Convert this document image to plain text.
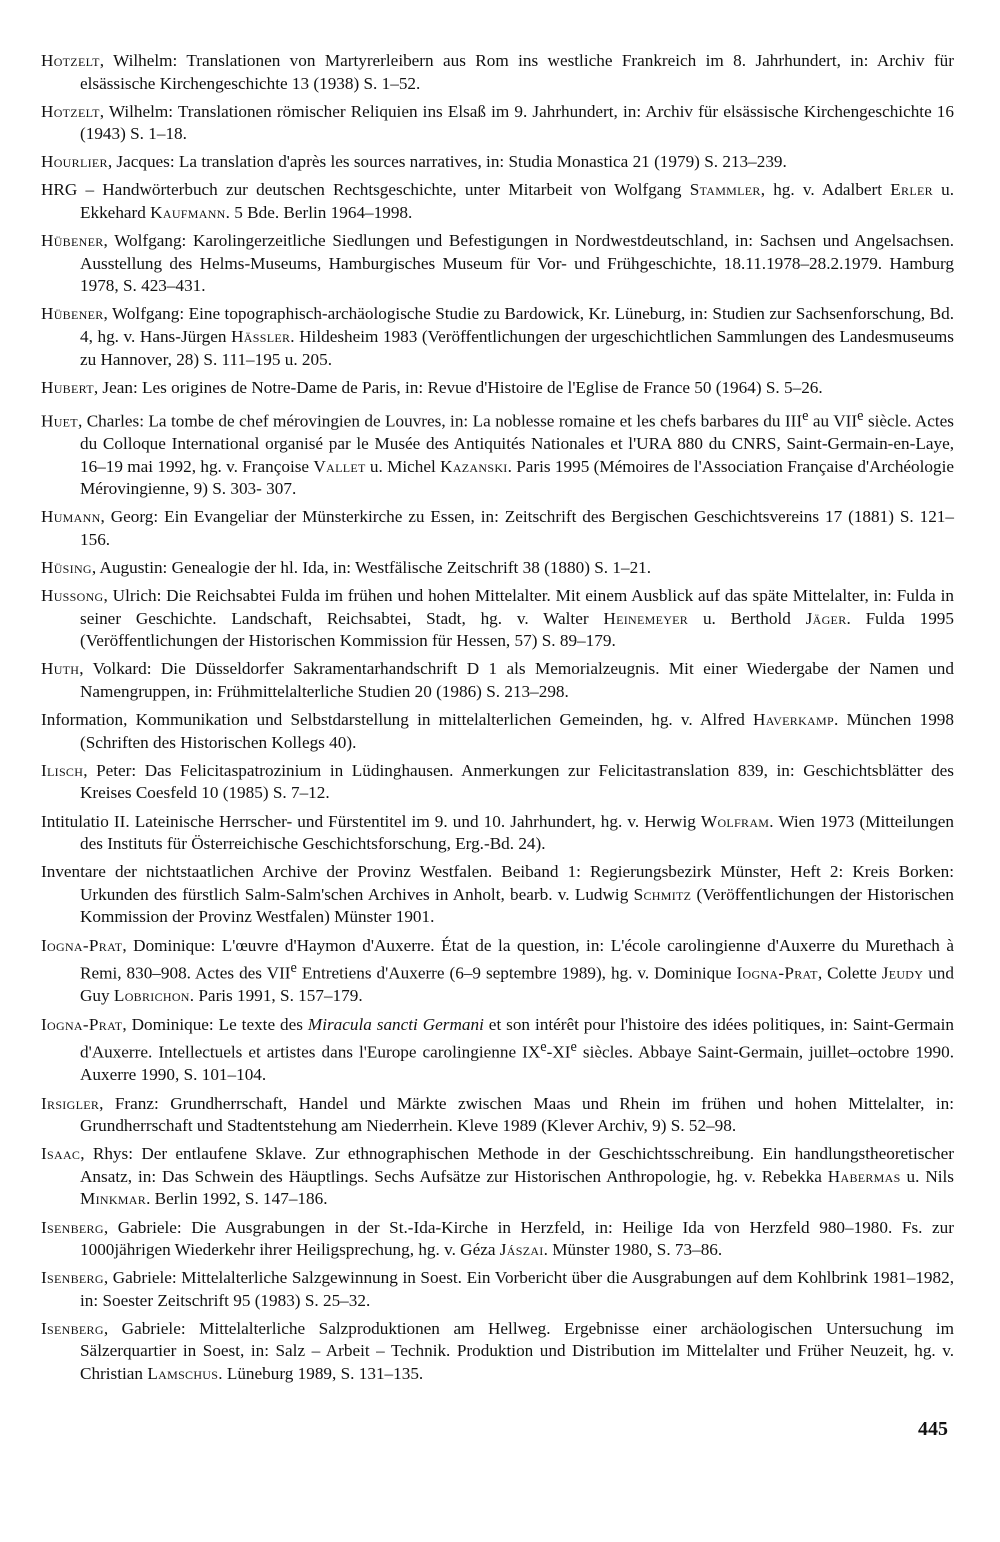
Hotzelt, Wilhelm: Translationen von Martyrerleibern aus Rom ins westliche Frankreich im 8. Jahrhundert, in: Archiv für elsässische Kirchengeschichte 13 (1938) S. 1–52.

Hotzelt, Wilhelm: Translationen römischer Reliquien ins Elsaß im 9. Jahrhundert, in: Archiv für elsässische Kirchengeschichte 16 (1943) S. 1–18.

Hourlier, Jacques: La translation d'après les sources narratives, in: Studia Monastica 21 (1979) S. 213–239.

HRG – Handwörterbuch zur deutschen Rechtsgeschichte, unter Mitarbeit von Wolfgang Stammler, hg. v. Adalbert Erler u. Ekkehard Kaufmann. 5 Bde. Berlin 1964–1998.

Hübener, Wolfgang: Karolingerzeitliche Siedlungen und Befestigungen in Nordwestdeutschland, in: Sachsen und Angelsachsen. Ausstellung des Helms-Museums, Hamburgisches Museum für Vor- und Frühgeschichte, 18.11.1978–28.2.1979. Hamburg 1978, S. 423–431.

Hübener, Wolfgang: Eine topographisch-archäologische Studie zu Bardowick, Kr. Lüneburg, in: Studien zur Sachsenforschung, Bd. 4, hg. v. Hans-Jürgen Hässler. Hildesheim 1983 (Veröffentlichungen der urgeschichtlichen Sammlungen des Landesmuseums zu Hannover, 28) S. 111–195 u. 205.

Hubert, Jean: Les origines de Notre-Dame de Paris, in: Revue d'Histoire de l'Eglise de France 50 (1964) S. 5–26.

Huet, Charles: La tombe de chef mérovingien de Louvres, in: La noblesse romaine et les chefs barbares du IIIe au VIIe siècle. Actes du Colloque International organisé par le Musée des Antiquités Nationales et l'URA 880 du CNRS, Saint-Germain-en-Laye, 16–19 mai 1992, hg. v. Françoise Vallet u. Michel Kazanski. Paris 1995 (Mémoires de l'Association Française d'Archéologie Mérovingienne, 9) S. 303- 307.

Humann, Georg: Ein Evangeliar der Münsterkirche zu Essen, in: Zeitschrift des Bergischen Geschichtsvereins 17 (1881) S. 121–156.

Hüsing, Augustin: Genealogie der hl. Ida, in: Westfälische Zeitschrift 38 (1880) S. 1–21.

Hussong, Ulrich: Die Reichsabtei Fulda im frühen und hohen Mittelalter. Mit einem Ausblick auf das späte Mittelalter, in: Fulda in seiner Geschichte. Landschaft, Reichsabtei, Stadt, hg. v. Walter Heinemeyer u. Berthold Jäger. Fulda 1995 (Veröffentlichungen der Historischen Kommission für Hessen, 57) S. 89–179.

Huth, Volkard: Die Düsseldorfer Sakramentarhandschrift D 1 als Memorialzeugnis. Mit einer Wiedergabe der Namen und Namengruppen, in: Frühmittelalterliche Studien 20 (1986) S. 213–298.

Information, Kommunikation und Selbstdarstellung in mittelalterlichen Gemeinden, hg. v. Alfred Haverkamp. München 1998 (Schriften des Historischen Kollegs 40).

Ilisch, Peter: Das Felicitaspatrozinium in Lüdinghausen. Anmerkungen zur Felicitastranslation 839, in: Geschichtsblätter des Kreises Coesfeld 10 (1985) S. 7–12.

Intitulatio II. Lateinische Herrscher- und Fürstentitel im 9. und 10. Jahrhundert, hg. v. Herwig Wolfram. Wien 1973 (Mitteilungen des Instituts für Österreichische Geschichtsforschung, Erg.-Bd. 24).

Inventare der nichtstaatlichen Archive der Provinz Westfalen. Beiband 1: Regierungsbezirk Münster, Heft 2: Kreis Borken: Urkunden des fürstlich Salm-Salm'schen Archives in Anholt, bearb. v. Ludwig Schmitz (Veröffentlichungen der Historischen Kommission der Provinz Westfalen) Münster 1901.

Iogna-Prat, Dominique: L'œuvre d'Haymon d'Auxerre. État de la question, in: L'école carolingienne d'Auxerre du Murethach à Remi, 830–908. Actes des VIIe Entretiens d'Auxerre (6–9 septembre 1989), hg. v. Dominique Iogna-Prat, Colette Jeudy und Guy Lobrichon. Paris 1991, S. 157–179.

Iogna-Prat, Dominique: Le texte des Miracula sancti Germani et son intérêt pour l'histoire des idées politiques, in: Saint-Germain d'Auxerre. Intellectuels et artistes dans l'Europe carolingienne IXe-XIe siècles. Abbaye Saint-Germain, juillet–octobre 1990. Auxerre 1990, S. 101–104.

Irsigler, Franz: Grundherrschaft, Handel und Märkte zwischen Maas und Rhein im frühen und hohen Mittelalter, in: Grundherrschaft und Stadtentstehung am Niederrhein. Kleve 1989 (Klever Archiv, 9) S. 52–98.

Isaac, Rhys: Der entlaufene Sklave. Zur ethnographischen Methode in der Geschichtsschreibung. Ein handlungstheoretischer Ansatz, in: Das Schwein des Häuptlings. Sechs Aufsätze zur Historischen Anthropologie, hg. v. Rebekka Habermas u. Nils Minkmar. Berlin 1992, S. 147–186.

Isenberg, Gabriele: Die Ausgrabungen in der St.-Ida-Kirche in Herzfeld, in: Heilige Ida von Herzfeld 980–1980. Fs. zur 1000jährigen Wiederkehr ihrer Heiligsprechung, hg. v. Géza Jászai. Münster 1980, S. 73–86.

Isenberg, Gabriele: Mittelalterliche Salzgewinnung in Soest. Ein Vorbericht über die Ausgrabungen auf dem Kohlbrink 1981–1982, in: Soester Zeitschrift 95 (1983) S. 25–32.

Isenberg, Gabriele: Mittelalterliche Salzproduktionen am Hellweg. Ergebnisse einer archäologischen Untersuchung im Sälzerquartier in Soest, in: Salz – Arbeit – Technik. Produktion und Distribution im Mittelalter und Früher Neuzeit, hg. v. Christian Lamschus. Lüneburg 1989, S. 131–135.

445
